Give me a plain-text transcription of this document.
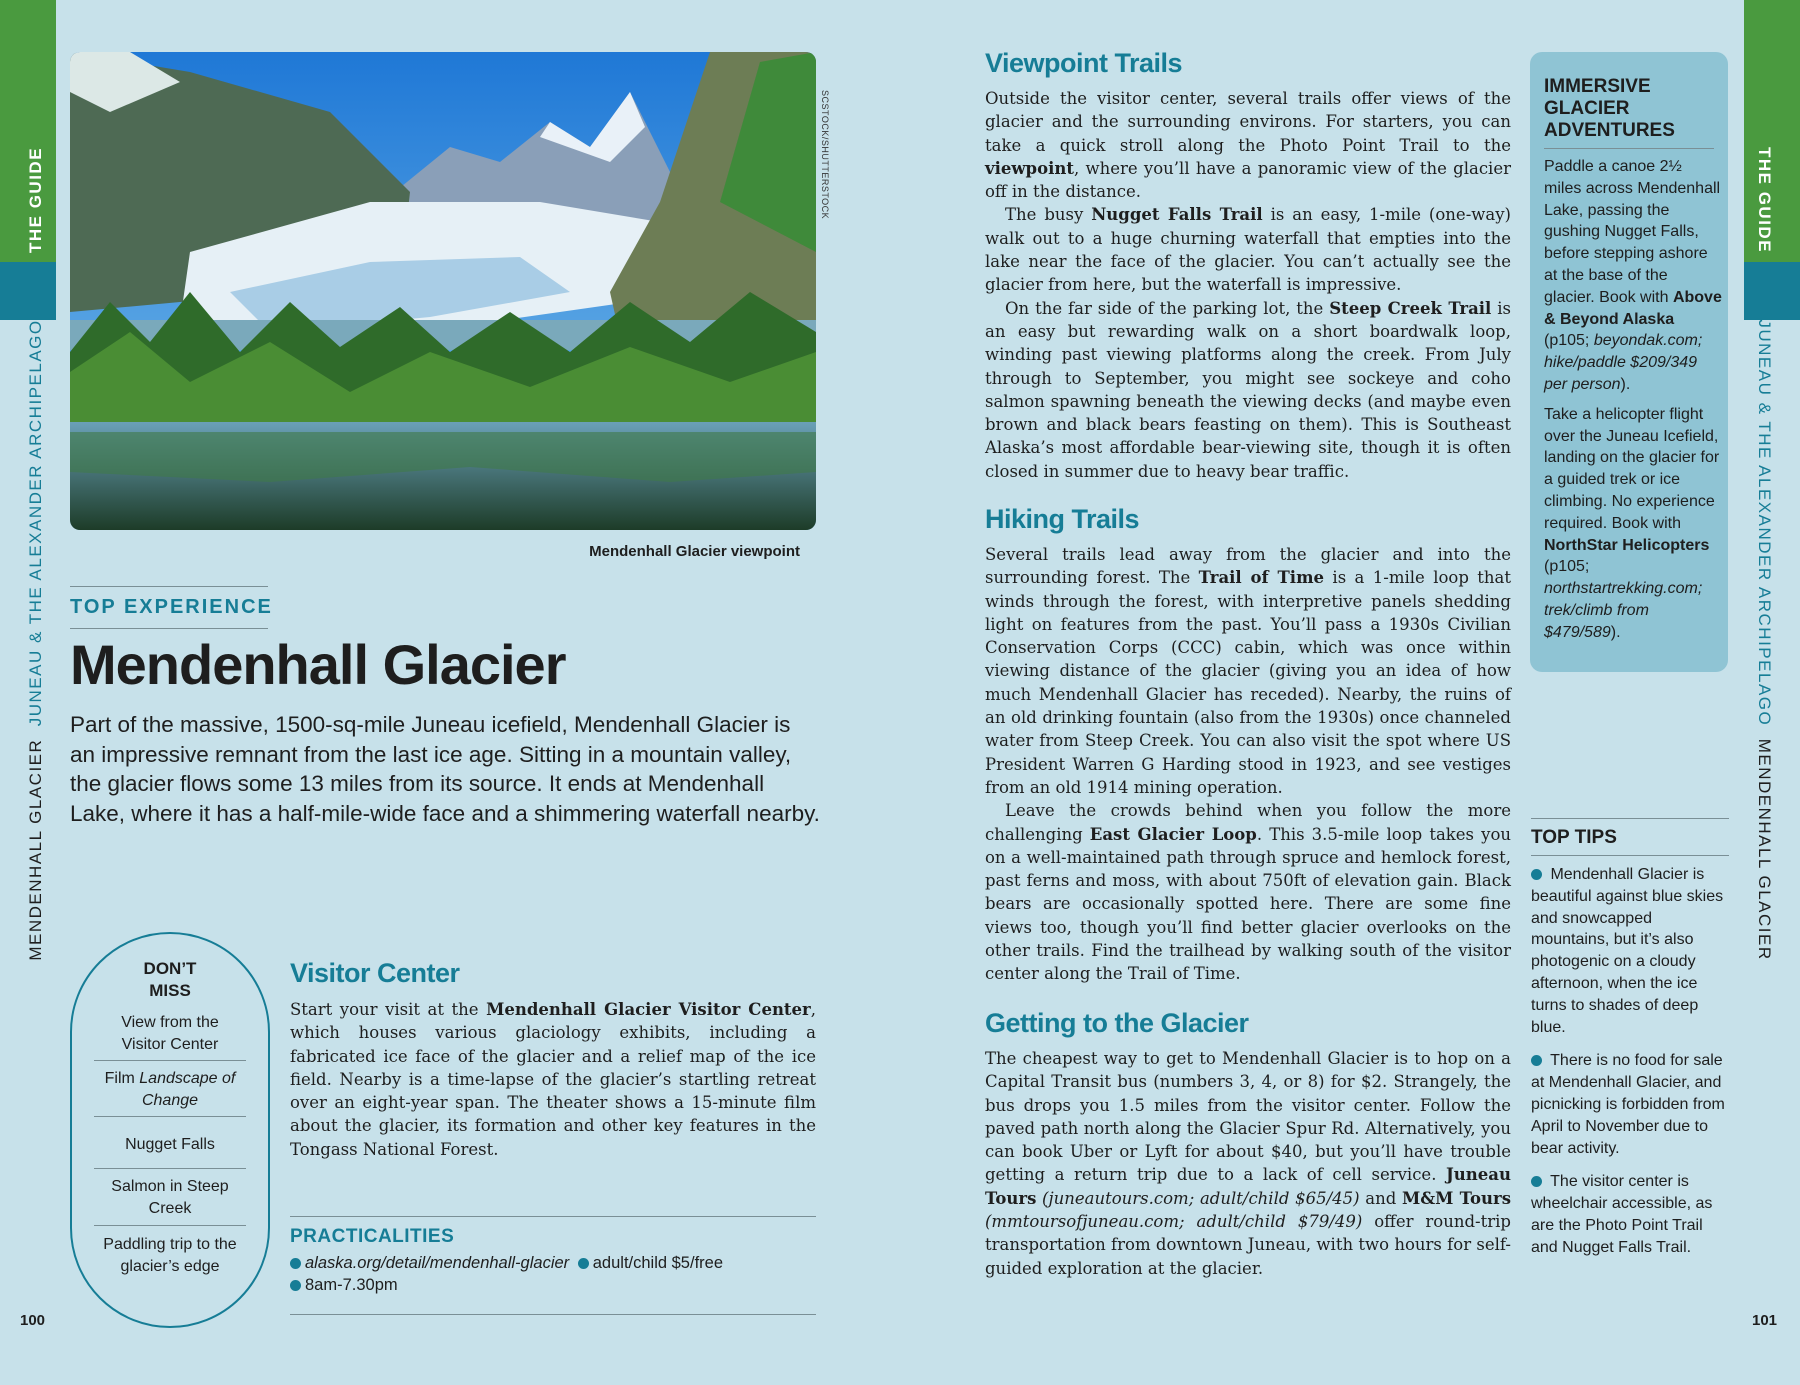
THE GUIDE
MENDENHALL GLACIER  JUNEAU & THE ALEXANDER ARCHIPELAGO
THE GUIDE
JUNEAU & THE ALEXANDER ARCHIPELAGO  MENDENHALL GLACIER
SCSTOCK/SHUTTERSTOCK
Mendenhall Glacier viewpoint
TOP EXPERIENCE
Mendenhall Glacier

Part of the massive, 1500-sq-mile Juneau icefield, Mendenhall Glacier is an impressive remnant from the last ice age. Sitting in a mountain valley, the glacier flows some 13 miles from its source. It ends at Mendenhall Lake, where it has a half-mile-wide face and a shimmering waterfall nearby.

DON’T
MISS
View from the
Visitor Center
Film Landscape of
Change
Nugget Falls
Salmon in Steep
Creek
Paddling trip to the
glacier’s edge
Visitor Center

Start your visit at the Mendenhall Glacier Visitor Center, which houses various glaciology exhibits, including a fabricated ice face of the glacier and a relief map of the ice field. Nearby is a time-lapse of the glacier’s startling retreat over an eight-year span. The theater shows a 15-minute film about the glacier, its formation and other key features in the Tongass National Forest.

PRACTICALITIES
alaska.org/detail/mendenhall-glacier adult/child $5/free
8am-7.30pm
Viewpoint Trails

Outside the visitor center, several trails offer views of the glacier and the surrounding environs. For starters, you can take a quick stroll along the Photo Point Trail to the viewpoint, where you’ll have a panoramic view of the glacier off in the distance.

The busy Nugget Falls Trail is an easy, 1-mile (one-way) walk out to a huge churning waterfall that empties into the lake near the face of the glacier. You can’t actually see the glacier from here, but the waterfall is impressive.

On the far side of the parking lot, the Steep Creek Trail is an easy but rewarding walk on a short boardwalk loop, winding past viewing platforms along the creek. From July through to September, you might see sockeye and coho salmon spawning beneath the viewing decks (and maybe even brown and black bears feasting on them). This is Southeast Alaska’s most affordable bear-viewing site, though it is often closed in summer due to heavy bear traffic.

Hiking Trails

Several trails lead away from the glacier and into the surrounding forest. The Trail of Time is a 1-mile loop that winds through the forest, with interpretive panels shedding light on features from the past. You’ll pass a 1930s Civilian Conservation Corps (CCC) cabin, which was once within viewing distance of the glacier (giving you an idea of how much Mendenhall Glacier has receded). Nearby, the ruins of an old drinking fountain (also from the 1930s) once channeled water from Steep Creek. You can also visit the spot where US President Warren G Harding stood in 1923, and see vestiges from an old 1914 mining operation.

Leave the crowds behind when you follow the more challenging East Glacier Loop. This 3.5-mile loop takes you on a well-maintained path through spruce and hemlock forest, past ferns and moss, with about 750ft of elevation gain. Black bears are occasionally spotted here. There are some fine views too, though you’ll find better glacier overlooks on the other trails. Find the trailhead by walking south of the visitor center along the Trail of Time.

Getting to the Glacier

The cheapest way to get to Mendenhall Glacier is to hop on a Capital Transit bus (numbers 3, 4, or 8) for $2. Strangely, the bus drops you 1.5 miles from the visitor center. Follow the paved path north along the Glacier Spur Rd. Alternatively, you can book Uber or Lyft for about $40, but you’ll have trouble getting a return trip due to a lack of cell service. Juneau Tours (juneautours.com; adult/child $65/45) and M&M Tours (mmtoursofjuneau.com; adult/child $79/49) offer round-trip transportation from downtown Juneau, with two hours for self-guided exploration at the glacier.

IMMERSIVE GLACIER ADVENTURES

Paddle a canoe 2½ miles across Mendenhall Lake, passing the gushing Nugget Falls, before stepping ashore at the base of the glacier. Book with Above & Beyond Alaska (p105; beyondak.com; hike/paddle $209/349 per person).

Take a helicopter flight over the Juneau Icefield, landing on the glacier for a guided trek or ice climbing. No experience required. Book with NorthStar Helicopters (p105; northstartrekking.com; trek/climb from $479/589).

TOP TIPS

Mendenhall Glacier is beautiful against blue skies and snowcapped mountains, but it’s also photogenic on a cloudy afternoon, when the ice turns to shades of deep blue.

There is no food for sale at Mendenhall Glacier, and picnicking is forbidden from April to November due to bear activity.

The visitor center is wheelchair accessible, as are the Photo Point Trail and Nugget Falls Trail.

100	101
